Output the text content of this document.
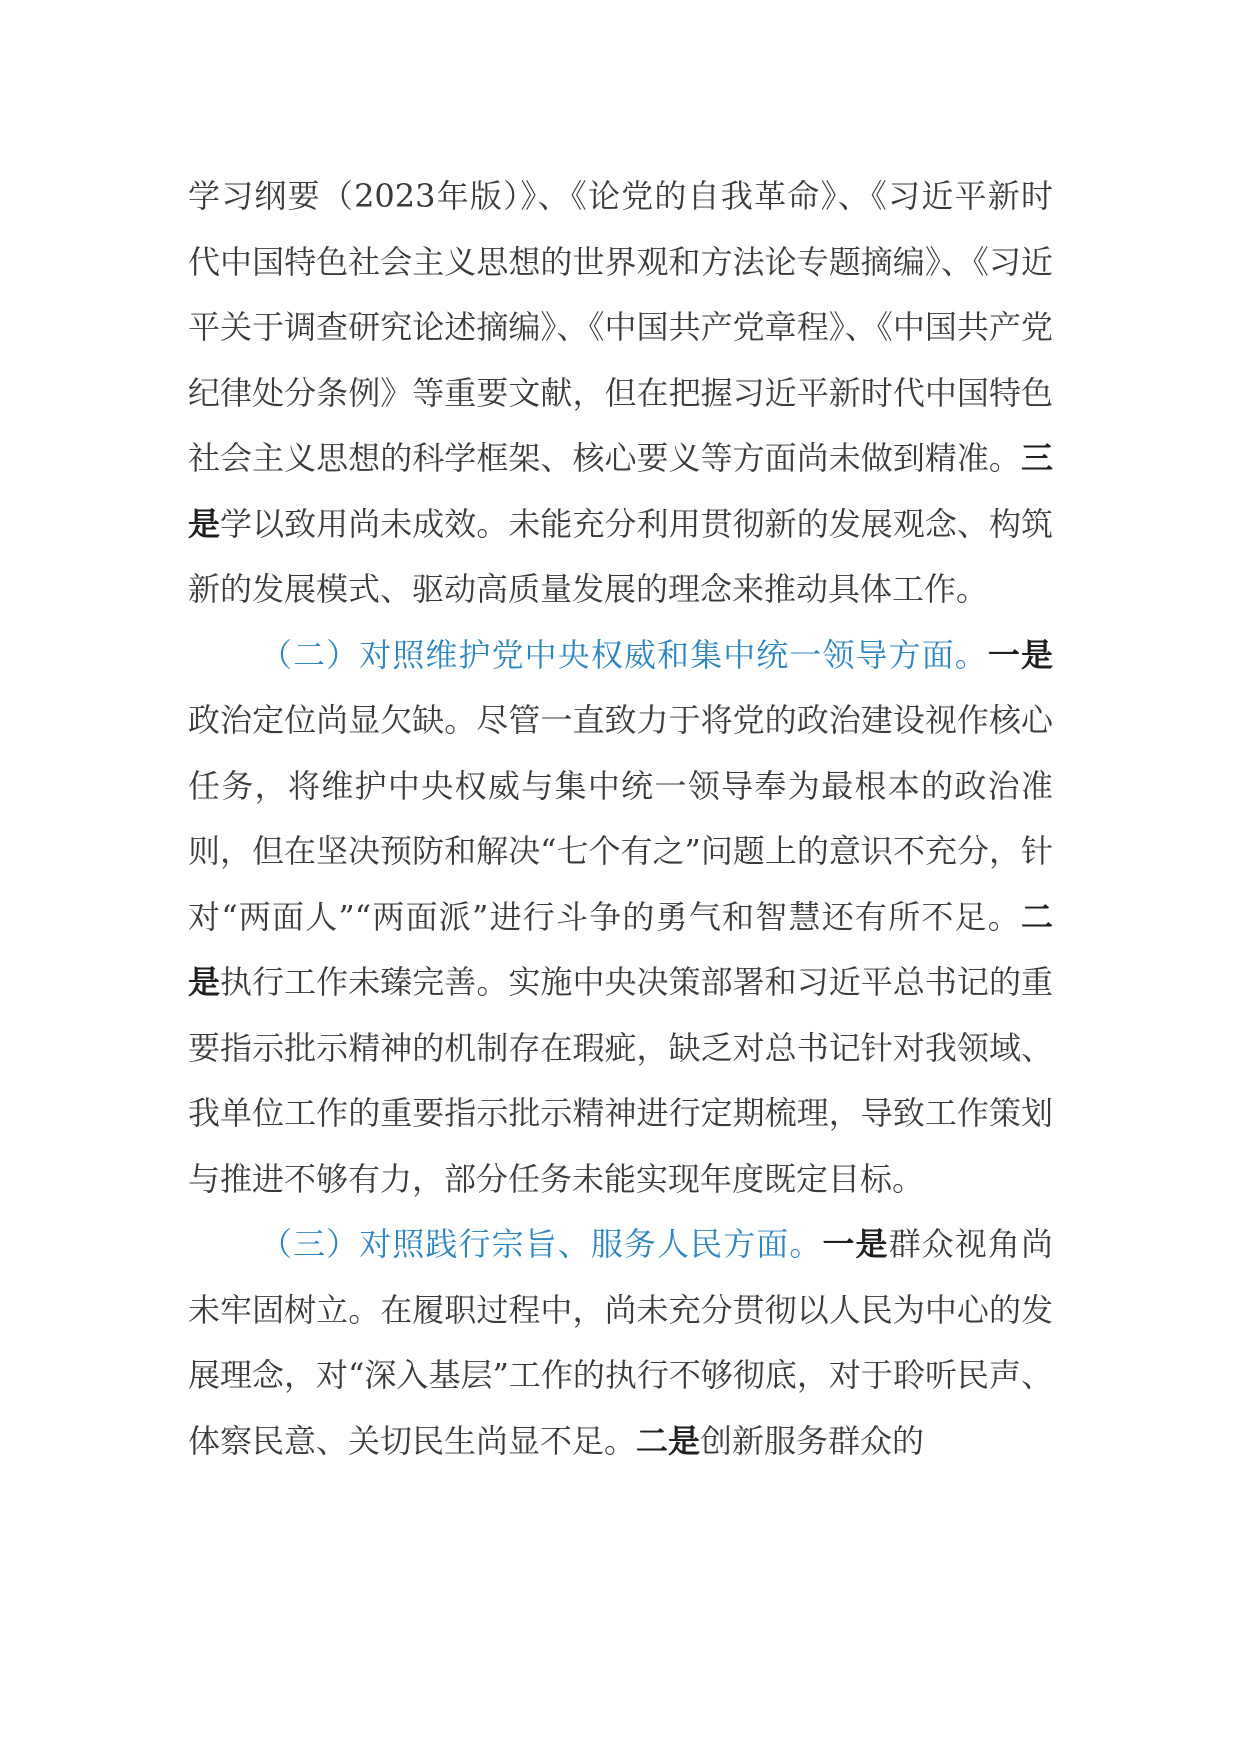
学习纲要（2023年版）》、《论党的自我革命》、《习近平新时代中国特色社会主义思想的世界观和方法论专题摘编》、《习近平关于调查研究论述摘编》、《中国共产党章程》、《中国共产党纪律处分条例》等重要文献，但在把握习近平新时代中国特色社会主义思想的科学框架、核心要义等方面尚未做到精准。三是学以致用尚未成效。未能充分利用贯彻新的发展观念、构筑新的发展模式、驱动高质量发展的理念来推动具体工作。

（二）对照维护党中央权威和集中统一领导方面。一是政治定位尚显欠缺。尽管一直致力于将党的政治建设视作核心任务，将维护中央权威与集中统一领导奉为最根本的政治准则，但在坚决预防和解决“七个有之”问题上的意识不充分，针对“两面人”“两面派”进行斗争的勇气和智慧还有所不足。二是执行工作未臻完善。实施中央决策部署和习近平总书记的重要指示批示精神的机制存在瑕疵，缺乏对总书记针对我领域、我单位工作的重要指示批示精神进行定期梳理，导致工作策划与推进不够有力，部分任务未能实现年度既定目标。

（三）对照践行宗旨、服务人民方面。一是群众视角尚未牢固树立。在履职过程中，尚未充分贯彻以人民为中心的发展理念，对“深入基层”工作的执行不够彻底，对于聆听民声、体察民意、关切民生尚显不足。二是创新服务群众的
